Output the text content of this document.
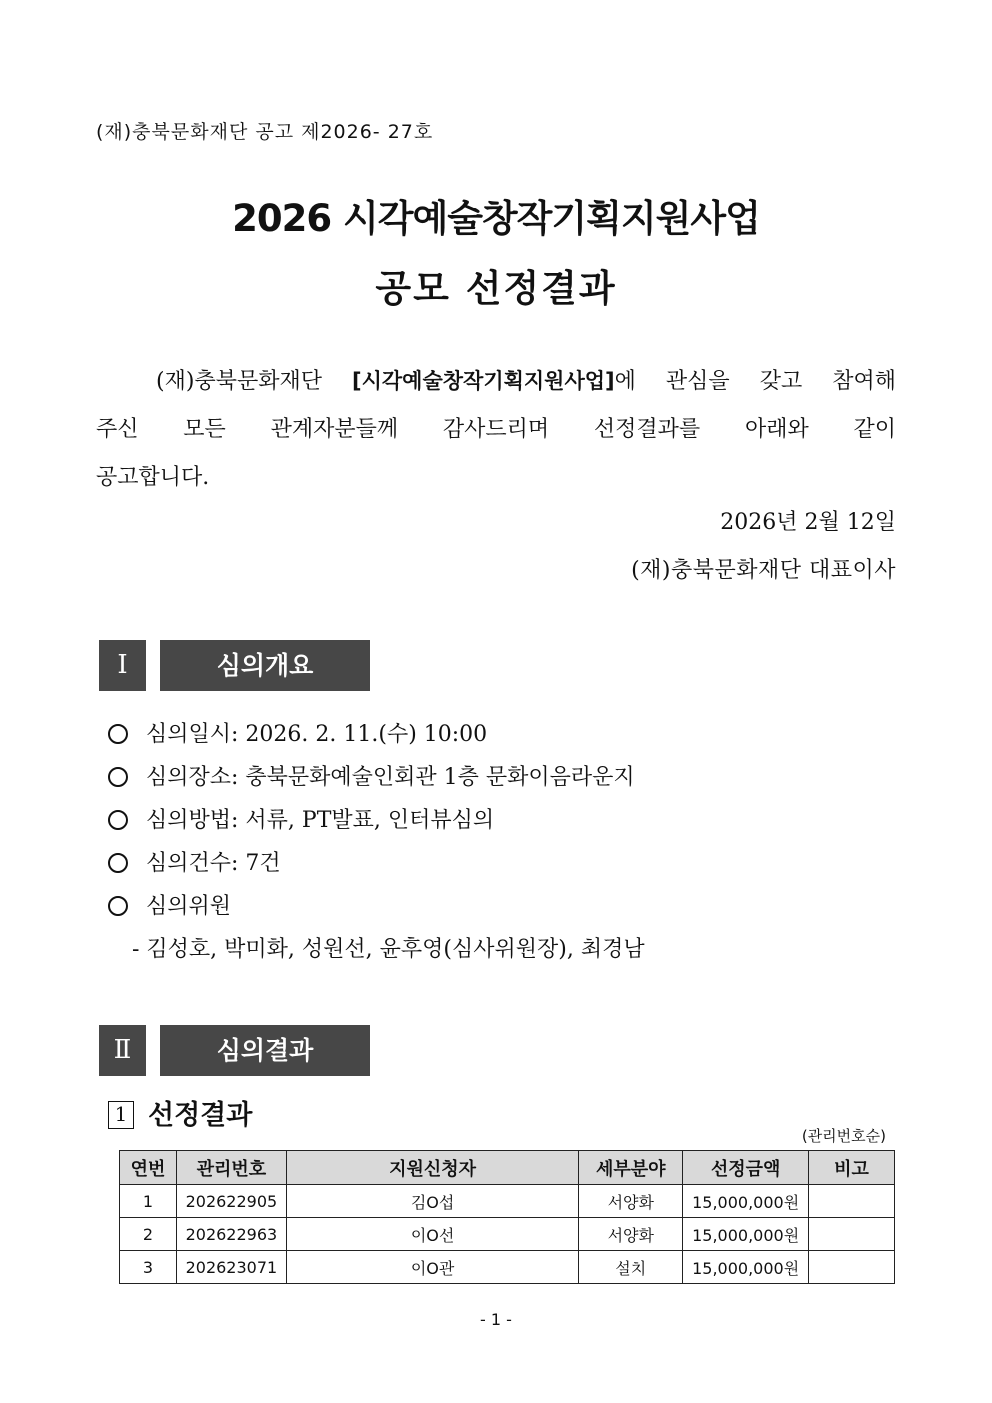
(재)충북문화재단 공고 제2026- 27호
2026 시각예술창작기획지원사업
공모 선정결과
(재)충북문화재단 [시각예술창작기획지원사업]에 관심을 갖고 참여해
주신 모든 관계자분들께 감사드리며 선정결과를 아래와 같이
공고합니다.
2026년 2월 12일
(재)충북문화재단 대표이사
Ⅰ	심의개요
심의일시: 2026. 2. 11.(수) 10:00
심의장소: 충북문화예술인회관 1층 문화이음라운지
심의방법: 서류, PT발표, 인터뷰심의
심의건수: 7건
심의위원
- 김성호, 박미화, 성원선, 윤후영(심사위원장), 최경남
Ⅱ	심의결과
1 선정결과
(관리번호순)
연번	관리번호	지원신청자	세부분야	선정금액	비고
1	202622905	김O섭	서양화	15,000,000원	
2	202622963	이O선	서양화	15,000,000원	
3	202623071	이O관	설치	15,000,000원	
- 1 -
